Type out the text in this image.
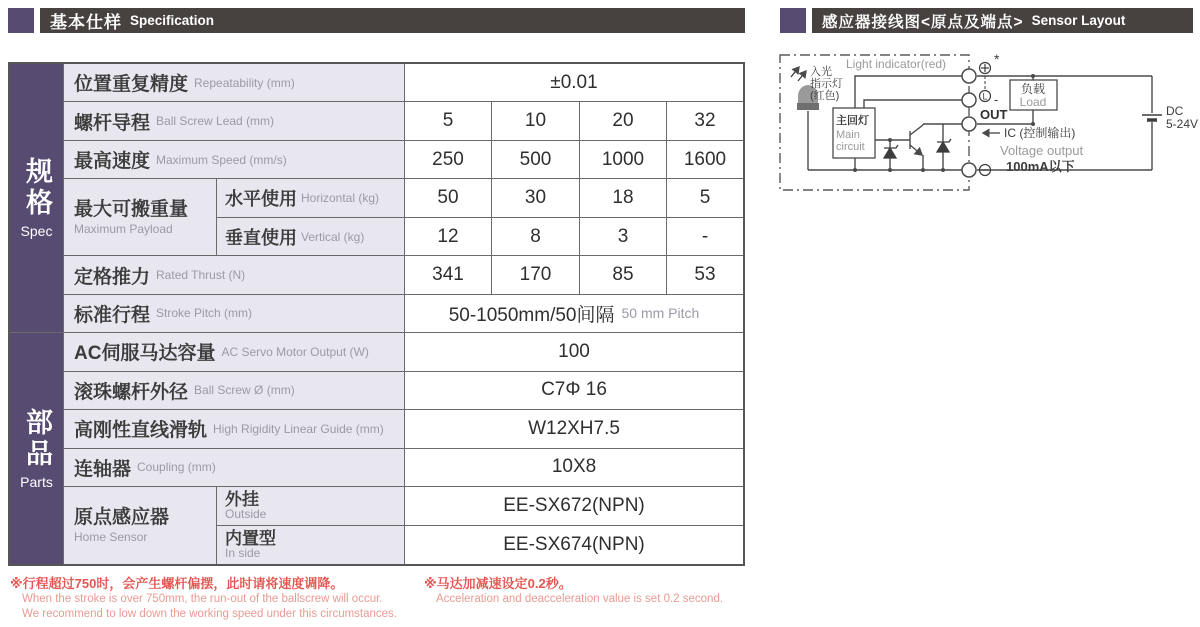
基本仕样 Specification	感应器接线图<原点及端点> Sensor Layout
规格
Spec
部品
Parts
位置重复精度 Repeatability (mm)	±0.01
螺杆导程 Ball Screw Lead (mm)	5	10	20	32
最高速度 Maximum Speed (mm/s)	250	500	1000	1600
最大可搬重量
Maximum Payload
水平使用 Horizontal (kg)	50	30	18	5
垂直使用 Vertical (kg)	12	8	3	-
定格推力 Rated Thrust (N)	341	170	85	53
标准行程 Stroke Pitch (mm)	50-1050mm/50间隔 50 mm Pitch
AC伺服马达容量 AC Servo Motor Output (W)	100
滚珠螺杆外径 Ball Screw Ø (mm)	C7Φ 16
高刚性直线滑轨 High Rigidity Linear Guide (mm)	W12XH7.5
连轴器 Coupling (mm)	10X8
原点感应器
Home Sensor
外挂
Outside	EE-SX672(NPN)
内置型
In side	EE-SX674(NPN)
入光
指示灯
(红色)
Light indicator(red)
主回灯
Main
circuit
*
L -
OUT
IC (控制输出)
Voltage output
100mA以下
负载
Load
DC
5-24V
※行程超过750时，会产生螺杆偏摆，此时请将速度调降。
When the stroke is over 750mm, the run-out of the ballscrew will occur.
We recommend to low down the working speed under this circumstances.
※马达加减速设定0.2秒。
Acceleration and deacceleration value is set 0.2 second.
